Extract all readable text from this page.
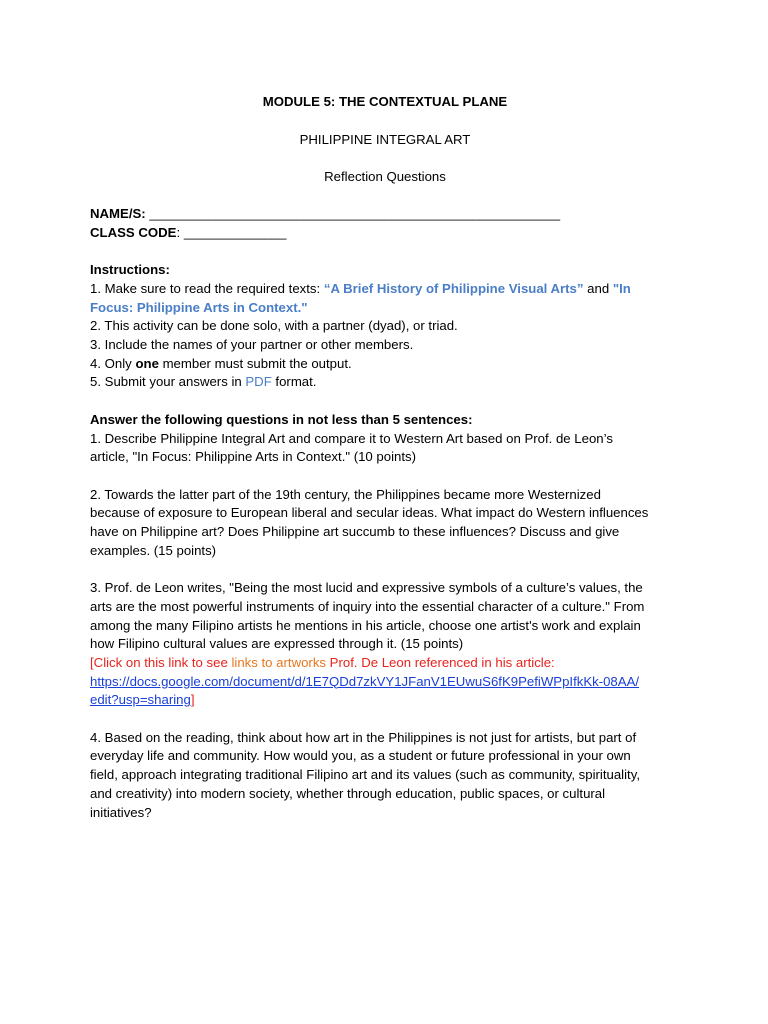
MODULE 5: THE CONTEXTUAL PLANE

PHILIPPINE INTEGRAL ART

Reflection Questions

NAME/S: ________________________________________________________

CLASS CODE: ______________

Instructions:

1. Make sure to read the required texts: “A Brief History of Philippine Visual Arts” and "In

Focus: Philippine Arts in Context."

2. This activity can be done solo, with a partner (dyad), or triad.

3. Include the names of your partner or other members.

4. Only one member must submit the output.

5. Submit your answers in PDF format.

Answer the following questions in not less than 5 sentences:

1. Describe Philippine Integral Art and compare it to Western Art based on Prof. de Leon’s

article, "In Focus: Philippine Arts in Context." (10 points)

2. Towards the latter part of the 19th century, the Philippines became more Westernized

because of exposure to European liberal and secular ideas. What impact do Western influences

have on Philippine art? Does Philippine art succumb to these influences? Discuss and give

examples. (15 points)

3. Prof. de Leon writes, "Being the most lucid and expressive symbols of a culture’s values, the

arts are the most powerful instruments of inquiry into the essential character of a culture." From

among the many Filipino artists he mentions in his article, choose one artist's work and explain

how Filipino cultural values are expressed through it. (15 points)

[Click on this link to see links to artworks Prof. De Leon referenced in his article:

https://docs.google.com/document/d/1E7QDd7zkVY1JFanV1EUwuS6fK9PefiWPpIfkKk-08AA/

edit?usp=sharing]

4. Based on the reading, think about how art in the Philippines is not just for artists, but part of

everyday life and community. How would you, as a student or future professional in your own

field, approach integrating traditional Filipino art and its values (such as community, spirituality,

and creativity) into modern society, whether through education, public spaces, or cultural

initiatives?
